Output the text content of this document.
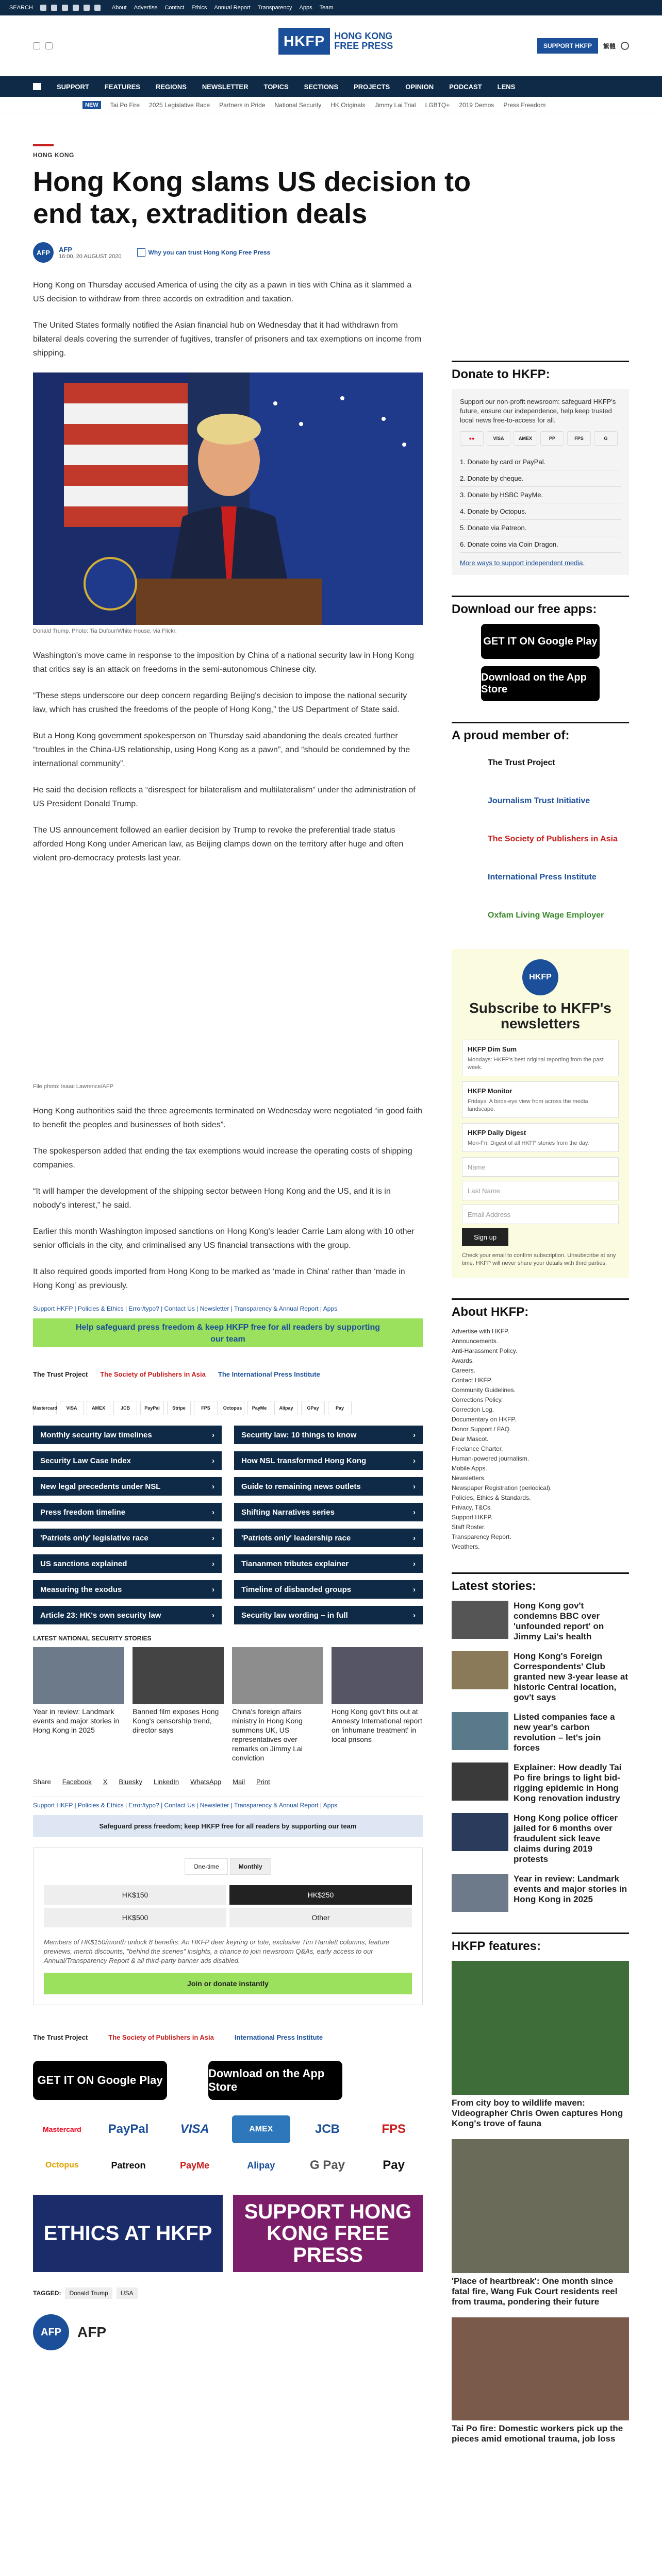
SEARCH	About Advertise Contact Ethics Annual Report Transparency Apps Team
HKFP	HONG KONG
FREE PRESS	SUPPORT HKFP	繁體
SUPPORT FEATURES REGIONS NEWSLETTER TOPICS SECTIONS PROJECTS OPINION PODCAST LENS
NEW	Tai Po Fire 2025 Legislative Race Partners in Pride National Security HK Originals Jimmy Lai Trial LGBTQ+ 2019 Demos Press Freedom
HONG KONG
Hong Kong slams US decision to end tax, extradition deals
AFP	AFP
16:00, 20 AUGUST 2020
Why you can trust Hong Kong Free Press

Hong Kong on Thursday accused America of using the city as a pawn in ties with China as it slammed a US decision to withdraw from three accords on extradition and taxation.

The United States formally notified the Asian financial hub on Wednesday that it had withdrawn from bilateral deals covering the surrender of fugitives, transfer of prisoners and tax exemptions on income from shipping.

Donald Trump. Photo: Tia Dufour/White House, via Flickr.

Washington's move came in response to the imposition by China of a national security law in Hong Kong that critics say is an attack on freedoms in the semi-autonomous Chinese city.

“These steps underscore our deep concern regarding Beijing's decision to impose the national security law, which has crushed the freedoms of the people of Hong Kong,” the US Department of State said.

But a Hong Kong government spokesperson on Thursday said abandoning the deals created further “troubles in the China-US relationship, using Hong Kong as a pawn”, and “should be condemned by the international community”.

He said the decision reflects a “disrespect for bilateralism and multilateralism” under the administration of US President Donald Trump.

The US announcement followed an earlier decision by Trump to revoke the preferential trade status afforded Hong Kong under American law, as Beijing clamps down on the territory after huge and often violent pro-democracy protests last year.

File photo: Isaac Lawrence/AFP

Hong Kong authorities said the three agreements terminated on Wednesday were negotiated “in good faith to benefit the peoples and businesses of both sides”.

The spokesperson added that ending the tax exemptions would increase the operating costs of shipping companies.

“It will hamper the development of the shipping sector between Hong Kong and the US, and it is in nobody's interest,” he said.

Earlier this month Washington imposed sanctions on Hong Kong's leader Carrie Lam along with 10 other senior officials in the city, and criminalised any US financial transactions with the group.

It also required goods imported from Hong Kong to be marked as ‘made in China' rather than ‘made in Hong Kong' as previously.

Support HKFP | Policies & Ethics | Error/typo? | Contact Us | Newsletter | Transparency & Annual Report | Apps
Help safeguard press freedom & keep HKFP free for all readers by supporting our team
The Trust Project The Society of Publishers in Asia The International Press Institute
Mastercard	VISA	AMEX	JCB	PayPal	Stripe	FPS	Octopus	PayMe	Alipay	GPay	Pay
Monthly security law timelines	›	Security law: 10 things to know	›
Security Law Case Index	›	How NSL transformed Hong Kong	›
New legal precedents under NSL	›	Guide to remaining news outlets	›
Press freedom timeline	›	Shifting Narratives series	›
'Patriots only' legislative race	›	'Patriots only' leadership race	›
US sanctions explained	›	Tiananmen tributes explainer	›
Measuring the exodus	›	Timeline of disbanded groups	›
Article 23: HK's own security law	›	Security law wording – in full	›
LATEST NATIONAL SECURITY STORIES
Year in review: Landmark events and major stories in Hong Kong in 2025
Banned film exposes Hong Kong's censorship trend, director says
China's foreign affairs ministry in Hong Kong summons UK, US representatives over remarks on Jimmy Lai conviction
Hong Kong gov't hits out at Amnesty International report on 'inhumane treatment' in local prisons
Share Facebook X Bluesky LinkedIn WhatsApp Mail Print
Support HKFP | Policies & Ethics | Error/typo? | Contact Us | Newsletter | Transparency & Annual Report | Apps
Safeguard press freedom; keep HKFP free for all readers by supporting our team
One-time	Monthly
HK$150	HK$250
HK$500	Other
Members of HK$150/month unlock 8 benefits: An HKFP deer keyring or tote, exclusive Tim Hamlett columns, feature previews, merch discounts, "behind the scenes" insights, a chance to join newsroom Q&As, early access to our Annual/Transparency Report & all third-party banner ads disabled.
Join or donate instantly
The Trust Project	The Society of Publishers in Asia	International Press Institute
GET IT ON Google Play
Download on the App Store
Mastercard	PayPal	VISA	AMEX	JCB	FPS
Octopus	Patreon	PayMe	Alipay	G Pay	Pay
ETHICS AT HKFP
SUPPORT HONG KONG FREE PRESS
TAGGED:	Donald Trump	USA
AFP	AFP
Donate to HKFP:

Support our non-profit newsroom: safeguard HKFP's future, ensure our independence, help keep trusted local news free-to-access for all.

●●	VISA	AMEX	PP	FPS	G
1. Donate by card or PayPal.
2. Donate by cheque.
3. Donate by HSBC PayMe.
4. Donate by Octopus.
5. Donate via Patreon.
6. Donate coins via Coin Dragon.
More ways to support independent media.
Download our free apps:
GET IT ON Google Play
Download on the App Store
A proud member of:
The Trust Project
Journalism Trust Initiative
The Society of Publishers in Asia
International Press Institute
Oxfam Living Wage Employer
HKFP
Subscribe to HKFP's newsletters
HKFP Dim Sum
Mondays: HKFP's best original reporting from the past week.
HKFP Monitor
Fridays: A birds-eye view from across the media landscape.
HKFP Daily Digest
Mon-Fri: Digest of all HKFP stories from the day.
Name
Last Name
Email Address
Sign up
Check your email to confirm subscription. Unsubscribe at any time. HKFP will never share your details with third parties.
About HKFP:
Advertise with HKFP.
Announcements.
Anti-Harassment Policy.
Awards.
Careers.
Contact HKFP.
Community Guidelines.
Corrections Policy.
Correction Log.
Documentary on HKFP.
Donor Support / FAQ.
Dear Mascot.
Freelance Charter.
Human-powered journalism.
Mobile Apps.
Newsletters.
Newspaper Registration (periodical).
Policies, Ethics & Standards.
Privacy, T&Cs.
Support HKFP.
Staff Roster.
Transparency Report.
Weathers.
Latest stories:
Hong Kong gov't condemns BBC over 'unfounded report' on Jimmy Lai's health
Hong Kong's Foreign Correspondents' Club granted new 3-year lease at historic Central location, gov't says
Listed companies face a new year's carbon revolution – let's join forces
Explainer: How deadly Tai Po fire brings to light bid-rigging epidemic in Hong Kong renovation industry
Hong Kong police officer jailed for 6 months over fraudulent sick leave claims during 2019 protests
Year in review: Landmark events and major stories in Hong Kong in 2025
HKFP features:
From city boy to wildlife maven: Videographer Chris Owen captures Hong Kong's trove of fauna
'Place of heartbreak': One month since fatal fire, Wang Fuk Court residents reel from trauma, pondering their future
Tai Po fire: Domestic workers pick up the pieces amid emotional trauma, job loss
